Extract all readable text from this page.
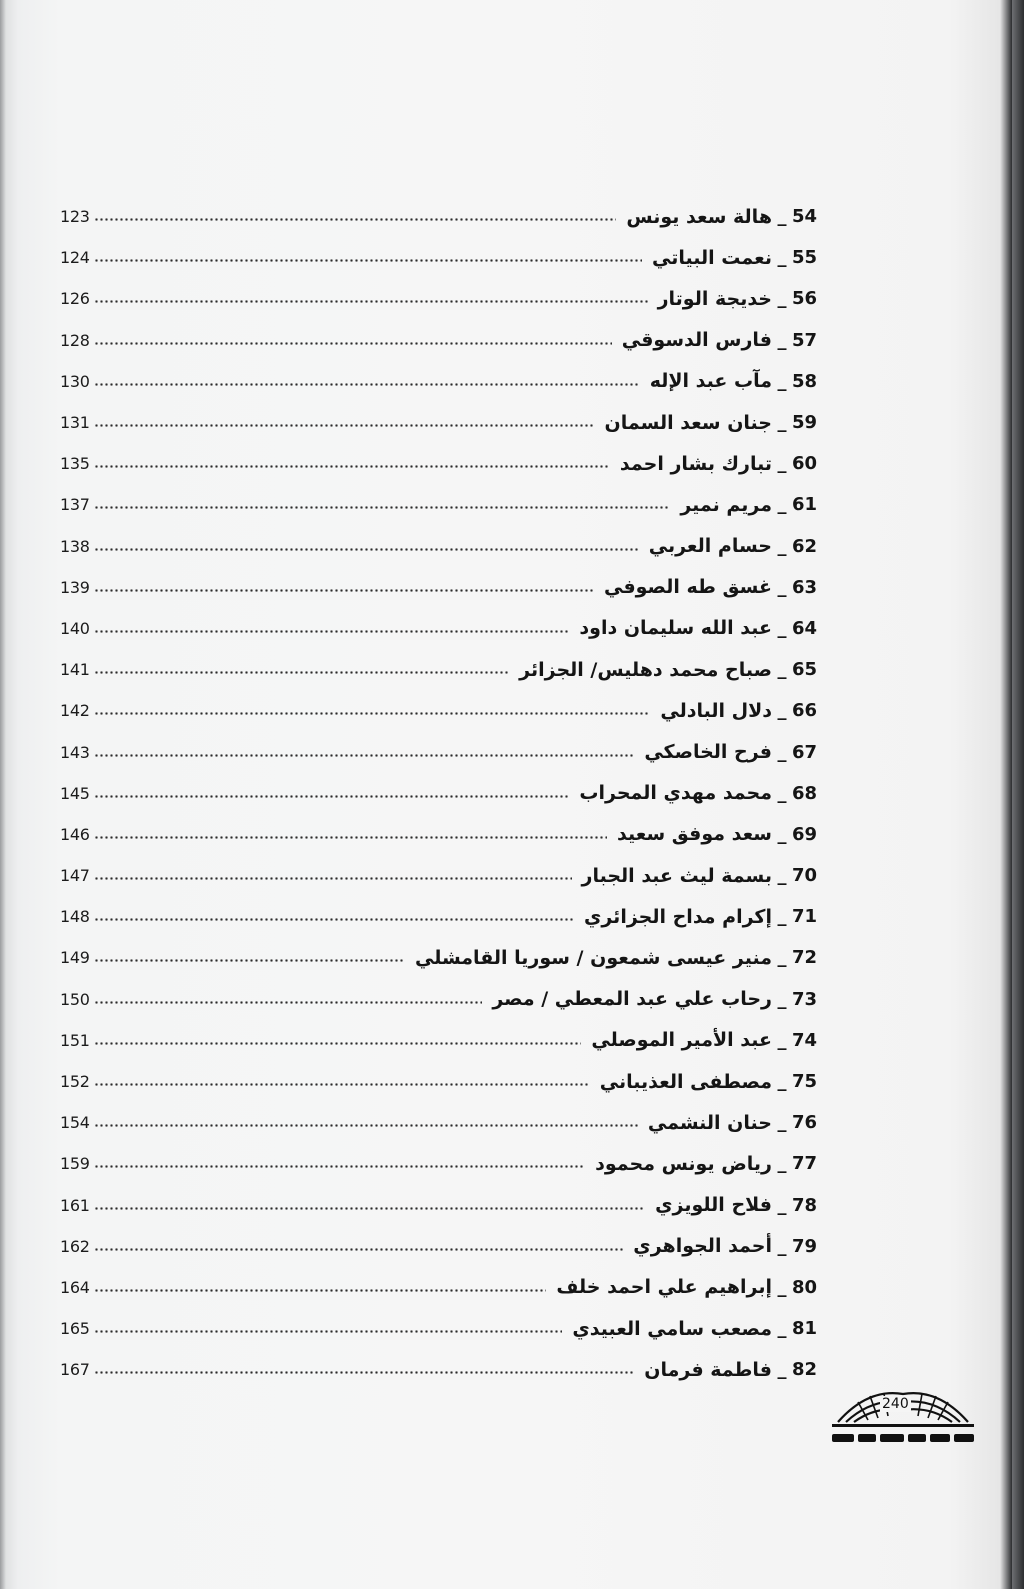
123	هالة سعد يونس _ 54
124	نعمت البياتي _ 55
126	خديجة الوتار _ 56
128	فارس الدسوقي _ 57
130	مآب عبد الإله _ 58
131	جنان سعد السمان _ 59
135	تبارك بشار احمد _ 60
137	مريم نمير _ 61
138	حسام العربي _ 62
139	غسق طه الصوفي _ 63
140	عبد الله سليمان داود _ 64
141	صباح محمد دهليس/ الجزائر _ 65
142	دلال البادلي _ 66
143	فرح الخاصكي _ 67
145	محمد مهدي المحراب _ 68
146	سعد موفق سعيد _ 69
147	بسمة ليث عبد الجبار _ 70
148	إكرام مداح الجزائري _ 71
149	منير عيسى شمعون / سوريا القامشلي _ 72
150	رحاب علي عبد المعطي / مصر _ 73
151	عبد الأمير الموصلي _ 74
152	مصطفى العذيباني _ 75
154	حنان النشمي _ 76
159	رياض يونس محمود _ 77
161	فلاح اللويزي _ 78
162	أحمد الجواهري _ 79
164	إبراهيم علي احمد خلف _ 80
165	مصعب سامي العبيدي _ 81
167	فاطمة فرمان _ 82
240
